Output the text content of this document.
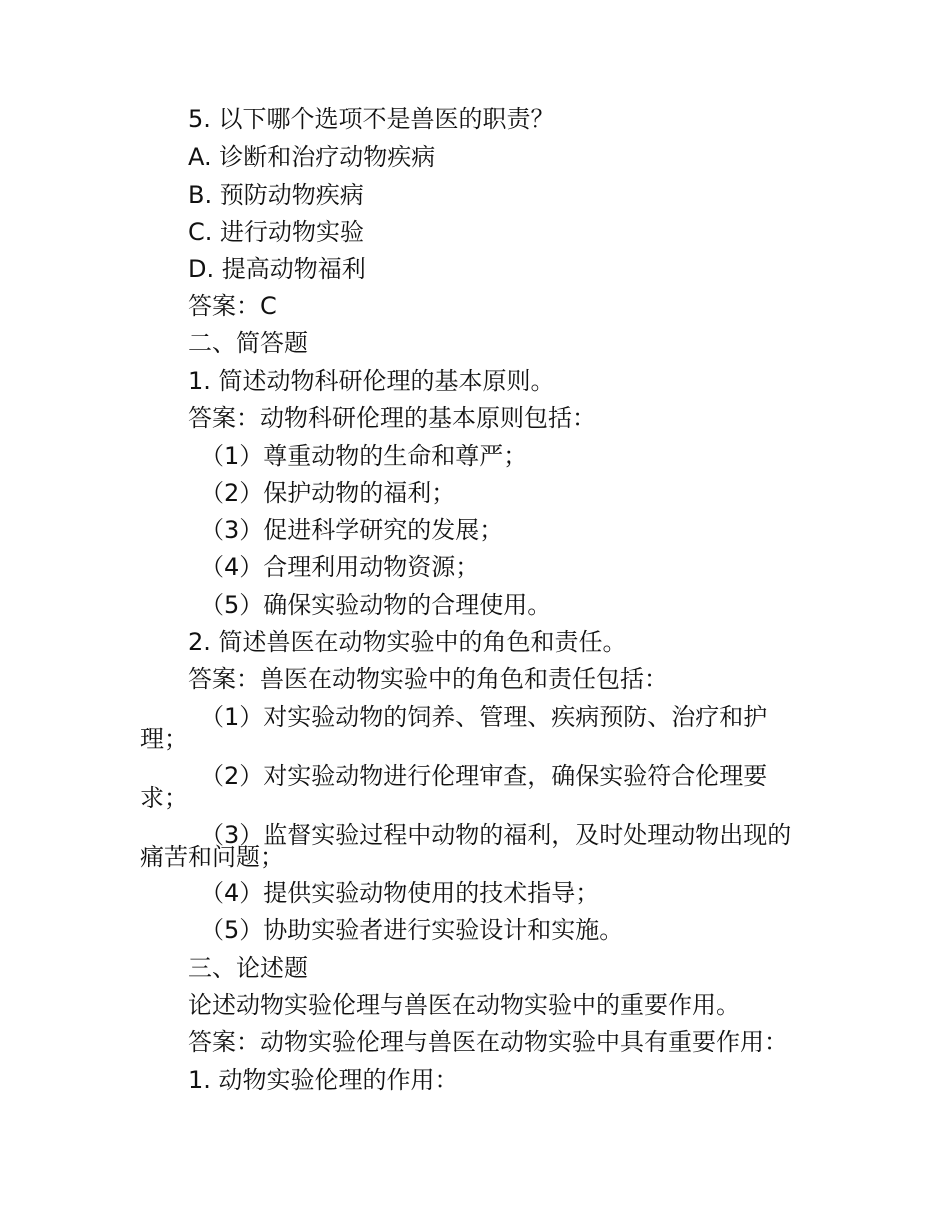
5. 以下哪个选项不是兽医的职责？
A. 诊断和治疗动物疾病
B. 预防动物疾病
C. 进行动物实验
D. 提高动物福利
答案：C
二、简答题
1. 简述动物科研伦理的基本原则。
答案：动物科研伦理的基本原则包括：
（1）尊重动物的生命和尊严；
（2）保护动物的福利；
（3）促进科学研究的发展；
（4）合理利用动物资源；
（5）确保实验动物的合理使用。
2. 简述兽医在动物实验中的角色和责任。
答案：兽医在动物实验中的角色和责任包括：
（1）对实验动物的饲养、管理、疾病预防、治疗和护
理；
（2）对实验动物进行伦理审查，确保实验符合伦理要
求；
（3）监督实验过程中动物的福利，及时处理动物出现的
痛苦和问题；
（4）提供实验动物使用的技术指导；
（5）协助实验者进行实验设计和实施。
三、论述题
论述动物实验伦理与兽医在动物实验中的重要作用。
答案：动物实验伦理与兽医在动物实验中具有重要作用：
1. 动物实验伦理的作用：
